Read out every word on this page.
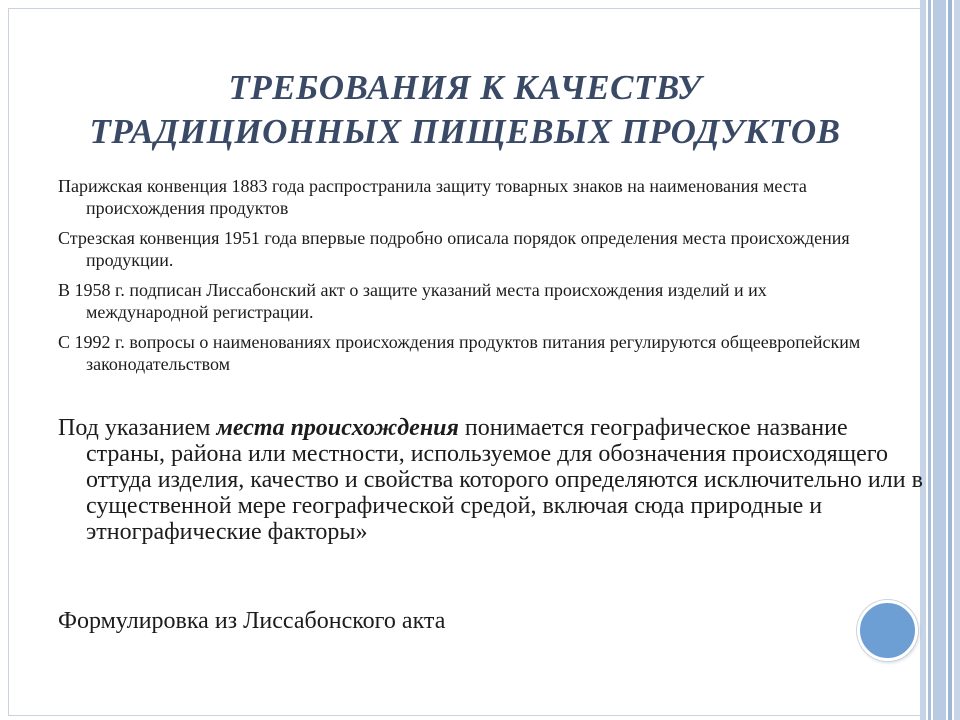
ТРЕБОВАНИЯ К КАЧЕСТВУ
ТРАДИЦИОННЫХ ПИЩЕВЫХ ПРОДУКТОВ
Парижская конвенция 1883 года распространила защиту товарных знаков на наименования места происхождения продуктов
Стрезская конвенция 1951 года впервые подробно описала порядок определения места происхождения продукции.
В 1958 г. подписан Лиссабонский акт о защите указаний места происхождения изделий и их международной регистрации.
С 1992 г. вопросы о наименованиях происхождения продуктов питания регулируются общеевропейским законодательством

Под указанием места происхождения понимается географическое название страны, района или местности, используемое для обозначения происходящего оттуда изделия, качество и свойства которого определяются исключительно или в существенной мере географической средой, включая сюда природные и этнографические факторы»

Формулировка из Лиссабонского акта
